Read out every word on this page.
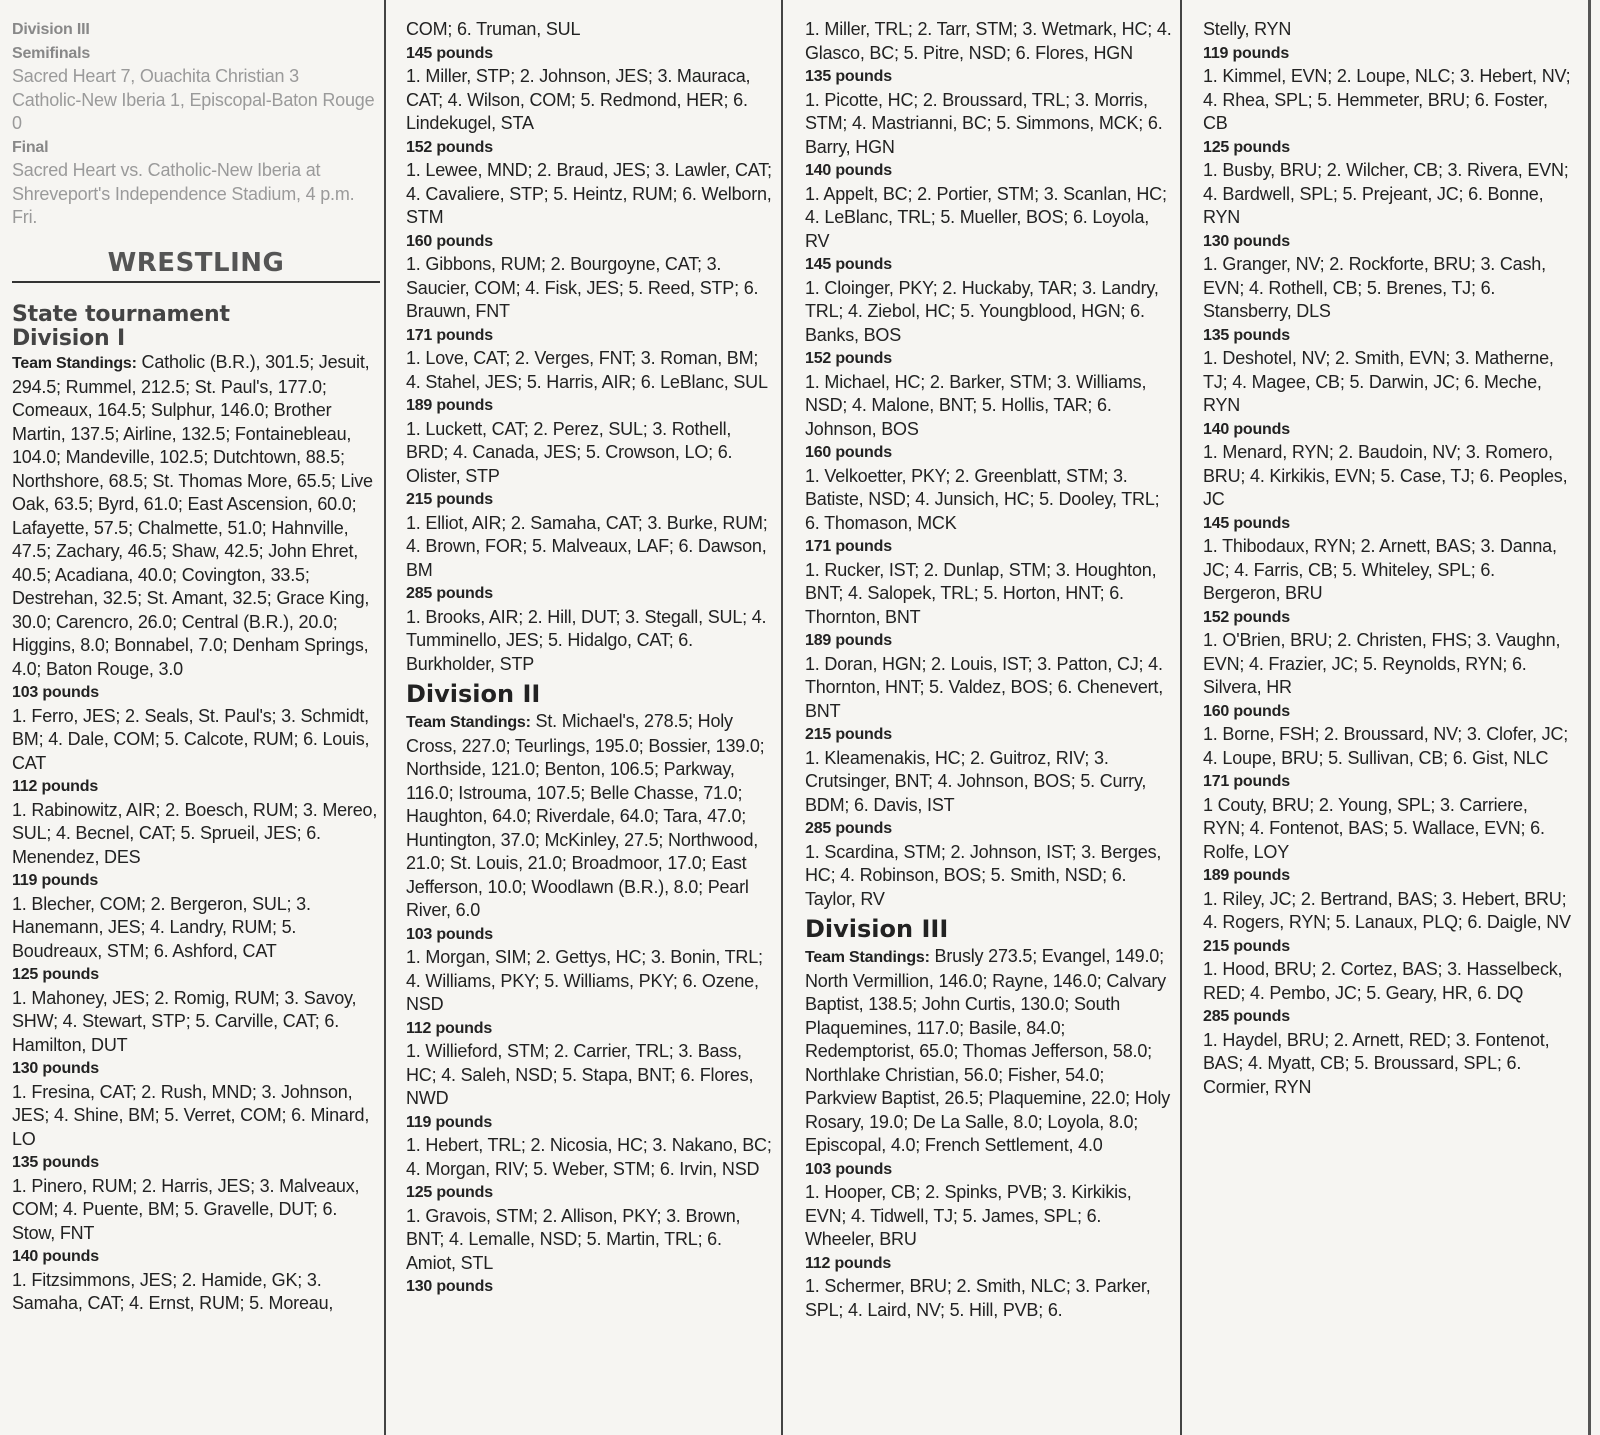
Division III

Semifinals

Sacred Heart 7, Ouachita Christian 3

Catholic-New Iberia 1, Episcopal-Baton Rouge 0

Final

Sacred Heart vs. Catholic-New Iberia at Shreveport's Independence Stadium, 4 p.m. Fri.

WRESTLING
State tournament
Division I

Team Standings: Catholic (B.R.), 301.5; Jesuit, 294.5; Rummel, 212.5; St. Paul's, 177.0; Comeaux, 164.5; Sulphur, 146.0; Brother Martin, 137.5; Airline, 132.5; Fontainebleau, 104.0; Mandeville, 102.5; Dutchtown, 88.5; Northshore, 68.5; St. Thomas More, 65.5; Live Oak, 63.5; Byrd, 61.0; East Ascension, 60.0; Lafayette, 57.5; Chalmette, 51.0; Hahnville, 47.5; Zachary, 46.5; Shaw, 42.5; John Ehret, 40.5; Acadiana, 40.0; Covington, 33.5; Destrehan, 32.5; St. Amant, 32.5; Grace King, 30.0; Carencro, 26.0; Central (B.R.), 20.0; Higgins, 8.0; Bonnabel, 7.0; Denham Springs, 4.0; Baton Rouge, 3.0

103 pounds

1. Ferro, JES; 2. Seals, St. Paul's; 3. Schmidt, BM; 4. Dale, COM; 5. Calcote, RUM; 6. Louis, CAT

112 pounds

1. Rabinowitz, AIR; 2. Boesch, RUM; 3. Mereo, SUL; 4. Becnel, CAT; 5. Sprueil, JES; 6. Menendez, DES

119 pounds

1. Blecher, COM; 2. Bergeron, SUL; 3. Hanemann, JES; 4. Landry, RUM; 5. Boudreaux, STM; 6. Ashford, CAT

125 pounds

1. Mahoney, JES; 2. Romig, RUM; 3. Savoy, SHW; 4. Stewart, STP; 5. Carville, CAT; 6. Hamilton, DUT

130 pounds

1. Fresina, CAT; 2. Rush, MND; 3. Johnson, JES; 4. Shine, BM; 5. Verret, COM; 6. Minard, LO

135 pounds

1. Pinero, RUM; 2. Harris, JES; 3. Malveaux, COM; 4. Puente, BM; 5. Gravelle, DUT; 6. Stow, FNT

140 pounds

1. Fitzsimmons, JES; 2. Hamide, GK; 3. Samaha, CAT; 4. Ernst, RUM; 5. Moreau,

COM; 6. Truman, SUL

145 pounds

1. Miller, STP; 2. Johnson, JES; 3. Mauraca, CAT; 4. Wilson, COM; 5. Redmond, HER; 6. Lindekugel, STA

152 pounds

1. Lewee, MND; 2. Braud, JES; 3. Lawler, CAT; 4. Cavaliere, STP; 5. Heintz, RUM; 6. Welborn, STM

160 pounds

1. Gibbons, RUM; 2. Bourgoyne, CAT; 3. Saucier, COM; 4. Fisk, JES; 5. Reed, STP; 6. Brauwn, FNT

171 pounds

1. Love, CAT; 2. Verges, FNT; 3. Roman, BM; 4. Stahel, JES; 5. Harris, AIR; 6. LeBlanc, SUL

189 pounds

1. Luckett, CAT; 2. Perez, SUL; 3. Rothell, BRD; 4. Canada, JES; 5. Crowson, LO; 6. Olister, STP

215 pounds

1. Elliot, AIR; 2. Samaha, CAT; 3. Burke, RUM; 4. Brown, FOR; 5. Malveaux, LAF; 6. Dawson, BM

285 pounds

1. Brooks, AIR; 2. Hill, DUT; 3. Stegall, SUL; 4. Tumminello, JES; 5. Hidalgo, CAT; 6. Burkholder, STP

Division II

Team Standings: St. Michael's, 278.5; Holy Cross, 227.0; Teurlings, 195.0; Bossier, 139.0; Northside, 121.0; Benton, 106.5; Parkway, 116.0; Istrouma, 107.5; Belle Chasse, 71.0; Haughton, 64.0; Riverdale, 64.0; Tara, 47.0; Huntington, 37.0; McKinley, 27.5; Northwood, 21.0; St. Louis, 21.0; Broadmoor, 17.0; East Jefferson, 10.0; Woodlawn (B.R.), 8.0; Pearl River, 6.0

103 pounds

1. Morgan, SIM; 2. Gettys, HC; 3. Bonin, TRL; 4. Williams, PKY; 5. Williams, PKY; 6. Ozene, NSD

112 pounds

1. Willieford, STM; 2. Carrier, TRL; 3. Bass, HC; 4. Saleh, NSD; 5. Stapa, BNT; 6. Flores, NWD

119 pounds

1. Hebert, TRL; 2. Nicosia, HC; 3. Nakano, BC; 4. Morgan, RIV; 5. Weber, STM; 6. Irvin, NSD

125 pounds

1. Gravois, STM; 2. Allison, PKY; 3. Brown, BNT; 4. Lemalle, NSD; 5. Martin, TRL; 6. Amiot, STL

130 pounds

1. Miller, TRL; 2. Tarr, STM; 3. Wetmark, HC; 4. Glasco, BC; 5. Pitre, NSD; 6. Flores, HGN

135 pounds

1. Picotte, HC; 2. Broussard, TRL; 3. Morris, STM; 4. Mastrianni, BC; 5. Simmons, MCK; 6. Barry, HGN

140 pounds

1. Appelt, BC; 2. Portier, STM; 3. Scanlan, HC; 4. LeBlanc, TRL; 5. Mueller, BOS; 6. Loyola, RV

145 pounds

1. Cloinger, PKY; 2. Huckaby, TAR; 3. Landry, TRL; 4. Ziebol, HC; 5. Youngblood, HGN; 6. Banks, BOS

152 pounds

1. Michael, HC; 2. Barker, STM; 3. Williams, NSD; 4. Malone, BNT; 5. Hollis, TAR; 6. Johnson, BOS

160 pounds

1. Velkoetter, PKY; 2. Greenblatt, STM; 3. Batiste, NSD; 4. Junsich, HC; 5. Dooley, TRL; 6. Thomason, MCK

171 pounds

1. Rucker, IST; 2. Dunlap, STM; 3. Houghton, BNT; 4. Salopek, TRL; 5. Horton, HNT; 6. Thornton, BNT

189 pounds

1. Doran, HGN; 2. Louis, IST; 3. Patton, CJ; 4. Thornton, HNT; 5. Valdez, BOS; 6. Chenevert, BNT

215 pounds

1. Kleamenakis, HC; 2. Guitroz, RIV; 3. Crutsinger, BNT; 4. Johnson, BOS; 5. Curry, BDM; 6. Davis, IST

285 pounds

1. Scardina, STM; 2. Johnson, IST; 3. Berges, HC; 4. Robinson, BOS; 5. Smith, NSD; 6. Taylor, RV

Division III

Team Standings: Brusly 273.5; Evangel, 149.0; North Vermillion, 146.0; Rayne, 146.0; Calvary Baptist, 138.5; John Curtis, 130.0; South Plaquemines, 117.0; Basile, 84.0; Redemptorist, 65.0; Thomas Jefferson, 58.0; Northlake Christian, 56.0; Fisher, 54.0; Parkview Baptist, 26.5; Plaquemine, 22.0; Holy Rosary, 19.0; De La Salle, 8.0; Loyola, 8.0; Episcopal, 4.0; French Settlement, 4.0

103 pounds

1. Hooper, CB; 2. Spinks, PVB; 3. Kirkikis, EVN; 4. Tidwell, TJ; 5. James, SPL; 6. Wheeler, BRU

112 pounds

1. Schermer, BRU; 2. Smith, NLC; 3. Parker, SPL; 4. Laird, NV; 5. Hill, PVB; 6.

Stelly, RYN

119 pounds

1. Kimmel, EVN; 2. Loupe, NLC; 3. Hebert, NV; 4. Rhea, SPL; 5. Hemmeter, BRU; 6. Foster, CB

125 pounds

1. Busby, BRU; 2. Wilcher, CB; 3. Rivera, EVN; 4. Bardwell, SPL; 5. Prejeant, JC; 6. Bonne, RYN

130 pounds

1. Granger, NV; 2. Rockforte, BRU; 3. Cash, EVN; 4. Rothell, CB; 5. Brenes, TJ; 6. Stansberry, DLS

135 pounds

1. Deshotel, NV; 2. Smith, EVN; 3. Matherne, TJ; 4. Magee, CB; 5. Darwin, JC; 6. Meche, RYN

140 pounds

1. Menard, RYN; 2. Baudoin, NV; 3. Romero, BRU; 4. Kirkikis, EVN; 5. Case, TJ; 6. Peoples, JC

145 pounds

1. Thibodaux, RYN; 2. Arnett, BAS; 3. Danna, JC; 4. Farris, CB; 5. Whiteley, SPL; 6. Bergeron, BRU

152 pounds

1. O'Brien, BRU; 2. Christen, FHS; 3. Vaughn, EVN; 4. Frazier, JC; 5. Reynolds, RYN; 6. Silvera, HR

160 pounds

1. Borne, FSH; 2. Broussard, NV; 3. Clofer, JC; 4. Loupe, BRU; 5. Sullivan, CB; 6. Gist, NLC

171 pounds

1 Couty, BRU; 2. Young, SPL; 3. Carriere, RYN; 4. Fontenot, BAS; 5. Wallace, EVN; 6. Rolfe, LOY

189 pounds

1. Riley, JC; 2. Bertrand, BAS; 3. Hebert, BRU; 4. Rogers, RYN; 5. Lanaux, PLQ; 6. Daigle, NV

215 pounds

1. Hood, BRU; 2. Cortez, BAS; 3. Hasselbeck, RED; 4. Pembo, JC; 5. Geary, HR, 6. DQ

285 pounds

1. Haydel, BRU; 2. Arnett, RED; 3. Fontenot, BAS; 4. Myatt, CB; 5. Broussard, SPL; 6. Cormier, RYN
